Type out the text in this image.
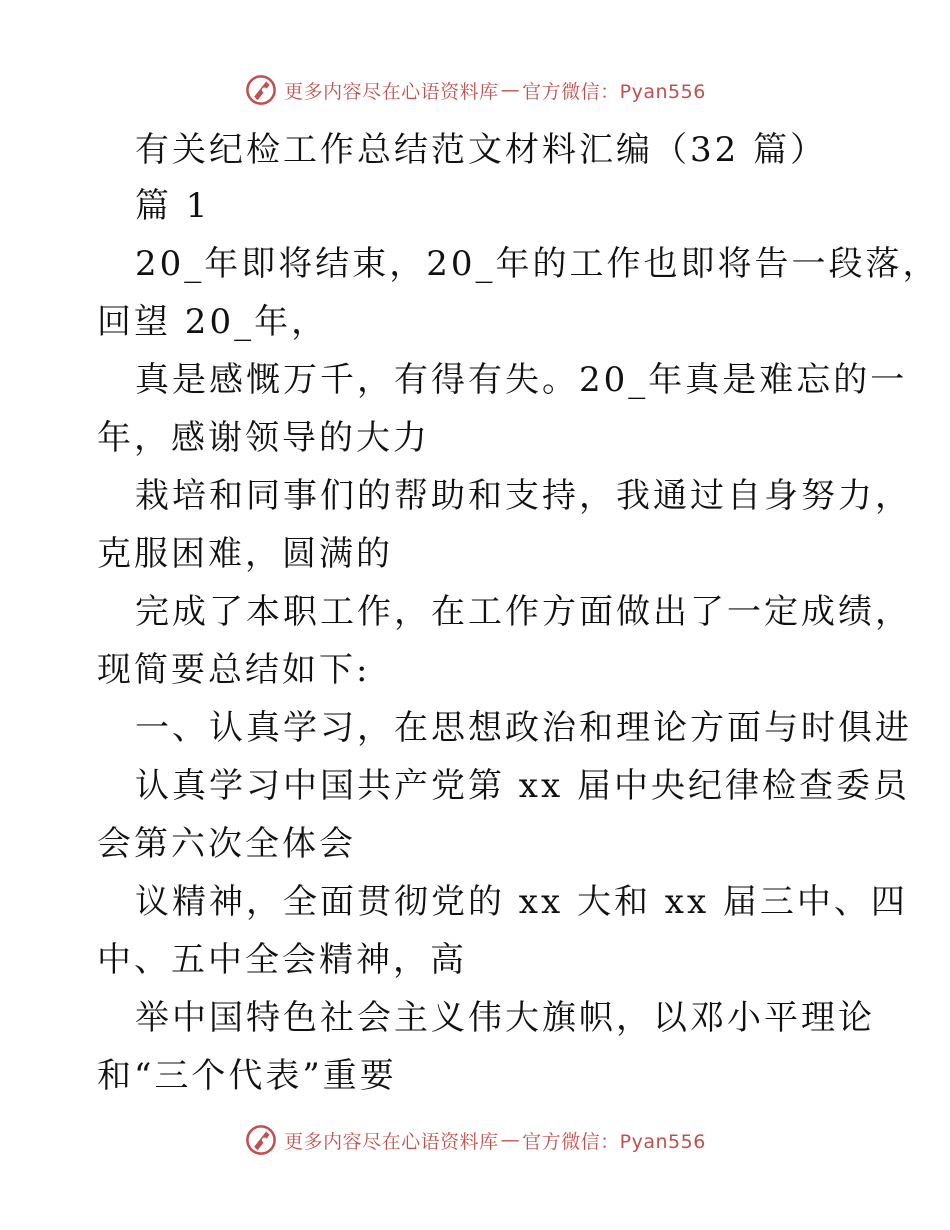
更多内容尽在心语资料库 — 官方微信：Pyan556
有关纪检工作总结范文材料汇编（32 篇）
篇 1
20_年即将结束，20_年的工作也即将告一段落，
回望 20_年，
真是感慨万千，有得有失。20_年真是难忘的一
年，感谢领导的大力
栽培和同事们的帮助和支持，我通过自身努力，
克服困难，圆满的
完成了本职工作，在工作方面做出了一定成绩，
现简要总结如下:
一、认真学习，在思想政治和理论方面与时俱进
认真学习中国共产党第 xx 届中央纪律检查委员
会第六次全体会
议精神，全面贯彻党的 xx 大和 xx 届三中、四
中、五中全会精神，高
举中国特色社会主义伟大旗帜，以邓小平理论
和“三个代表”重要
更多内容尽在心语资料库 — 官方微信：Pyan556
